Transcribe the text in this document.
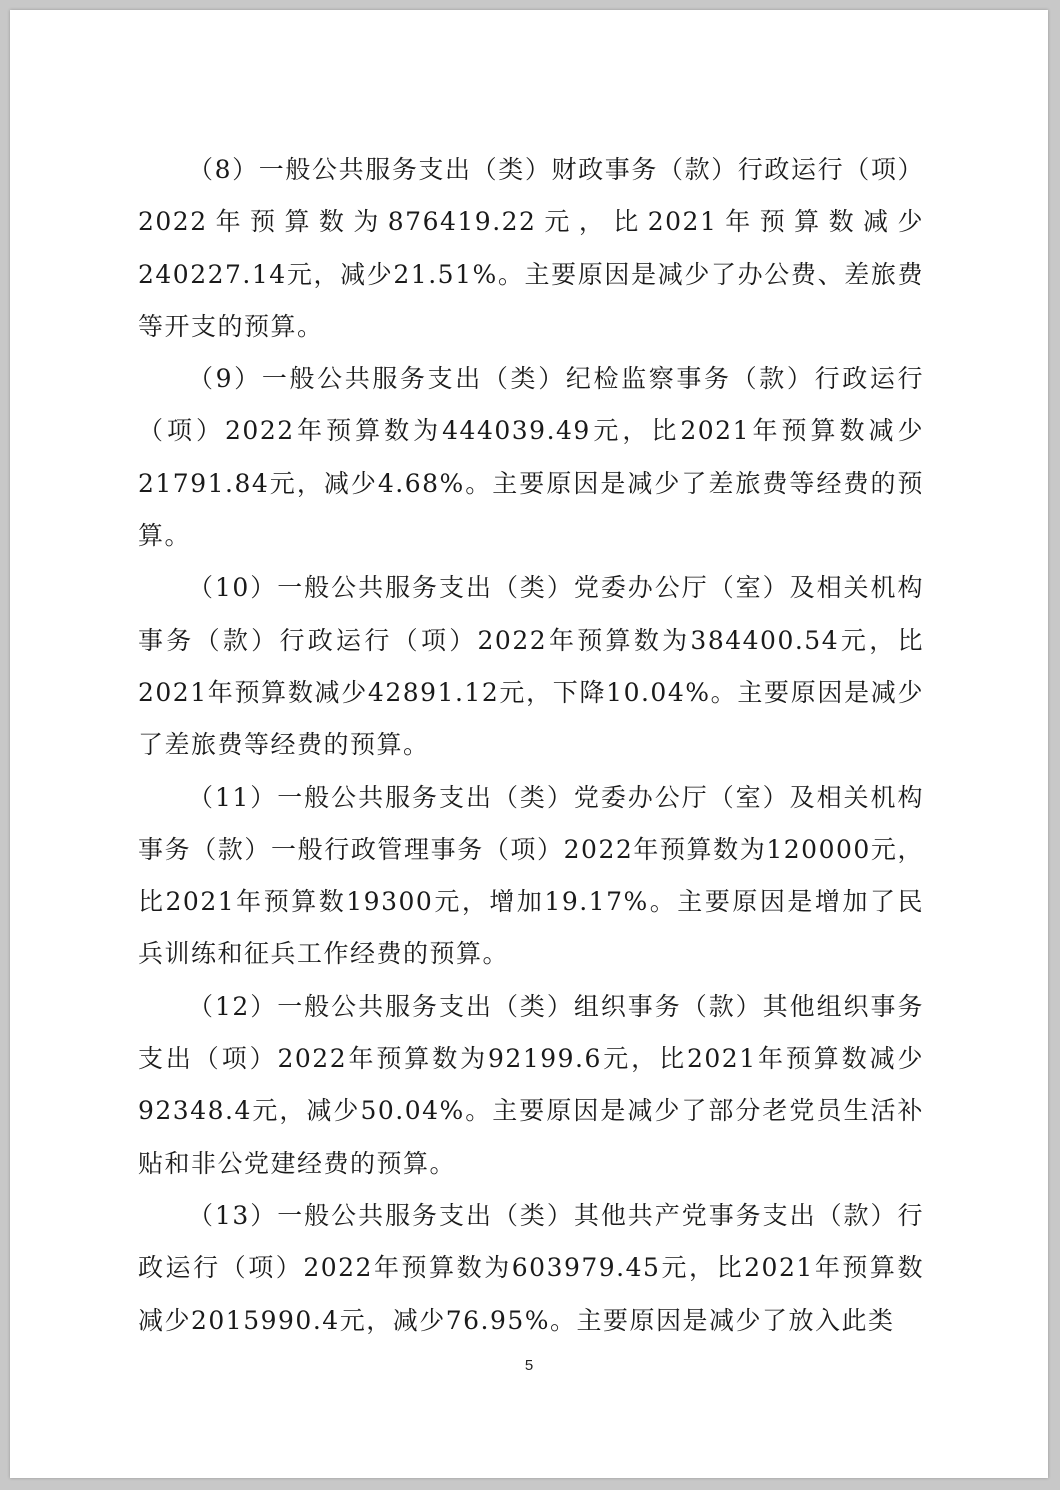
（8）一般公共服务支出（类）财政事务（款）行政运行（项）2022年预算数为876419.22元，比2021年预算数减少240227.14元，减少21.51%。主要原因是减少了办公费、差旅费等开支的预算。

（9）一般公共服务支出（类）纪检监察事务（款）行政运行（项）2022年预算数为444039.49元，比2021年预算数减少21791.84元，减少4.68%。主要原因是减少了差旅费等经费的预算。

（10）一般公共服务支出（类）党委办公厅（室）及相关机构事务（款）行政运行（项）2022年预算数为384400.54元，比2021年预算数减少42891.12元，下降10.04%。主要原因是减少了差旅费等经费的预算。

（11）一般公共服务支出（类）党委办公厅（室）及相关机构事务（款）一般行政管理事务（项）2022年预算数为120000元，比2021年预算数19300元，增加19.17%。主要原因是增加了民兵训练和征兵工作经费的预算。

（12）一般公共服务支出（类）组织事务（款）其他组织事务支出（项）2022年预算数为92199.6元，比2021年预算数减少92348.4元，减少50.04%。主要原因是减少了部分老党员生活补贴和非公党建经费的预算。

（13）一般公共服务支出（类）其他共产党事务支出（款）行政运行（项）2022年预算数为603979.45元，比2021年预算数减少2015990.4元，减少76.95%。主要原因是减少了放入此类

5
